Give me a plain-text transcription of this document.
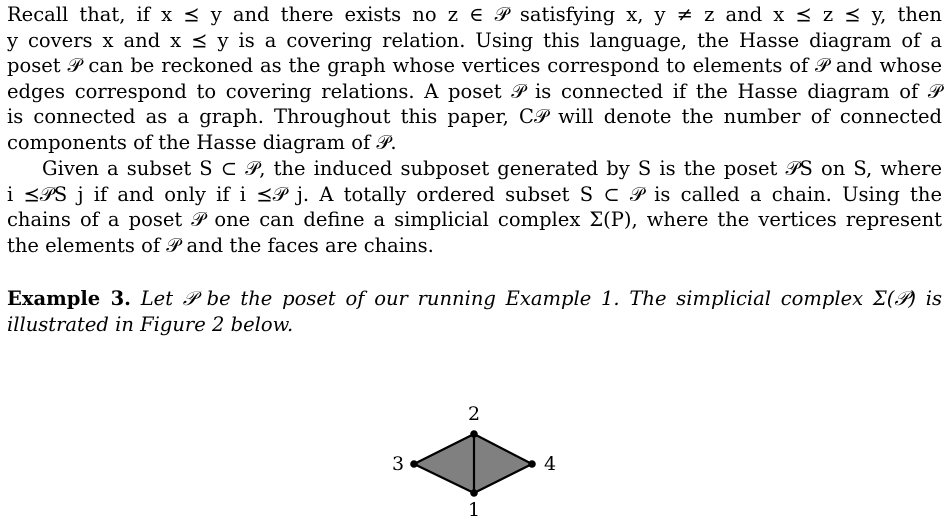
Recall that, if x ⪯ y and there exists no z ∈ 𝒫 satisfying x, y ≠ z and x ⪯ z ⪯ y, then
y covers x and x ⪯ y is a covering relation. Using this language, the Hasse diagram of a
poset 𝒫 can be reckoned as the graph whose vertices correspond to elements of 𝒫 and whose
edges correspond to covering relations. A poset 𝒫 is connected if the Hasse diagram of 𝒫
is connected as a graph. Throughout this paper, C𝒫 will denote the number of connected
components of the Hasse diagram of 𝒫.

Given a subset S ⊂ 𝒫, the induced subposet generated by S is the poset 𝒫S on S, where
i ⪯𝒫S j if and only if i ⪯𝒫 j. A totally ordered subset S ⊂ 𝒫 is called a chain. Using the
chains of a poset 𝒫 one can define a simplicial complex Σ(P), where the vertices represent
the elements of 𝒫 and the faces are chains.

Example 3. Let 𝒫 be the poset of our running Example 1. The simplicial complex Σ(𝒫) is
illustrated in Figure 2 below.

2
3	4
1
